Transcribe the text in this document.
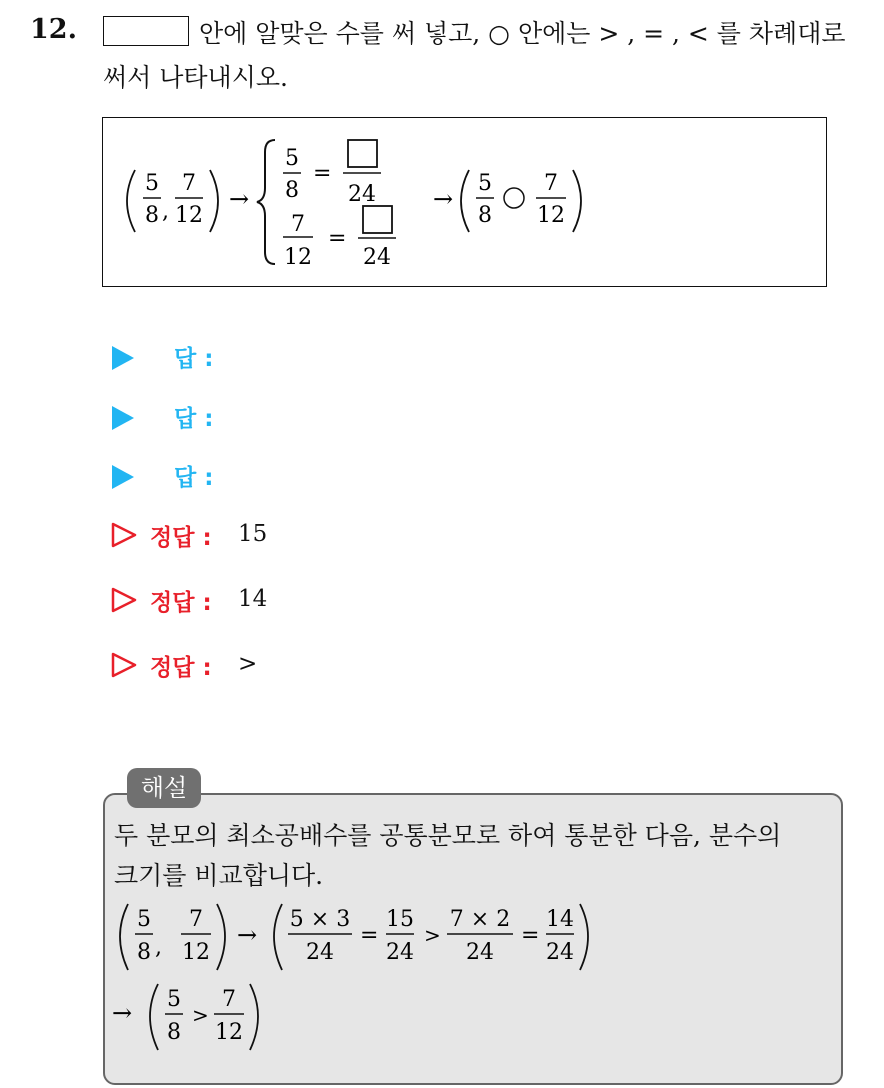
12.	안에 알맞은 수를 써 넣고, ○ 안에는 > , = , < 를 차례대로
써서 나타내시오.
5
8 ,
7
12
→
5
8
=
24
7
12
=
24
→
5
8
7
12
답 :
답 :
답 :
정답 : 15
정답 : 14
정답 : >
해설
두 분모의 최소공배수를 공통분모로 하여 통분한 다음, 분수의
크기를 비교합니다.
5
8 ,
7
12
→
5 × 3
24
=
15
24
>
7 × 2
24
=
14
24
→ 5
8
>
7
12
